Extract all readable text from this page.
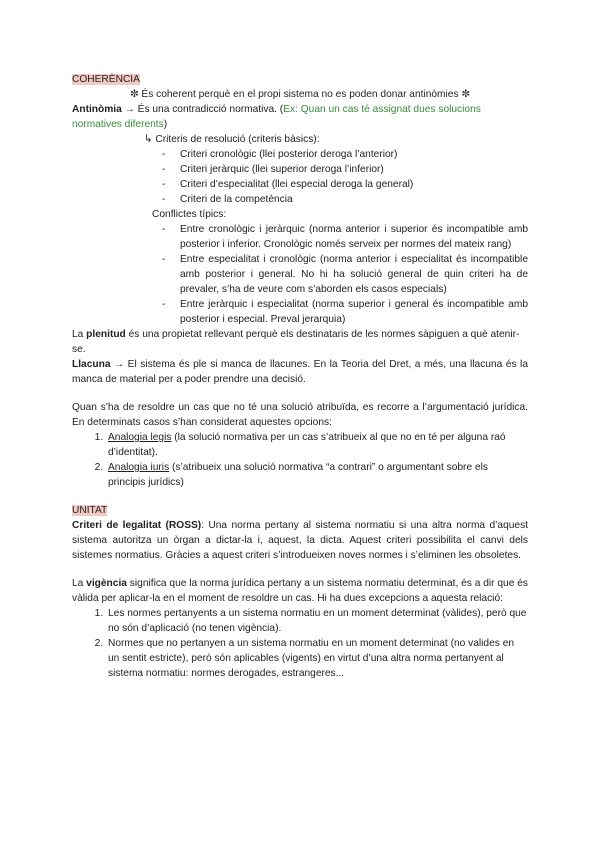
COHERÈNCIA

✼ És coherent perquè en el propi sistema no es poden donar antinòmies ✼

Antinòmia → És una contradicció normativa. (Ex: Quan un cas té assignat dues solucions normatives diferents)

↳ Criteris de resolució (criteris bàsics):

- Criteri cronològic (llei posterior deroga l’anterior)
- Criteri jeràrquic (llei superior deroga l’inferior)
- Criteri d’especialitat (llei especial deroga la general)
- Criteri de la competència

Conflictes típics:

- Entre cronològic i jeràrquic (norma anterior i superior és incompatible amb posterior i inferior. Cronològic només serveix per normes del mateix rang)
- Entre especialitat i cronològic (norma anterior i especialitat és incompatible amb posterior i general. No hi ha solució general de quin criteri ha de prevaler, s’ha de veure com s’aborden els casos especials)
- Entre jeràrquic i especialitat (norma superior i general és incompatible amb posterior i especial. Preval jerarquia)

La plenitud és una propietat rellevant perquè els destinataris de les normes sàpiguen a què atenir-se.

Llacuna → El sistema és ple si manca de llacunes. En la Teoria del Dret, a més, una llacuna és la manca de material per a poder prendre una decisió.

Quan s’ha de resoldre un cas que no té una solució atribuïda, es recorre a l’argumentació jurídica. En determinats casos s’han considerat aquestes opcions:

1. Analogia legis (la solució normativa per un cas s’atribueix al que no en té per alguna raó d’identitat).
2. Analogia iuris (s’atribueix una solució normativa “a contrari” o argumentant sobre els principis jurídics)

UNITAT

Criteri de legalitat (ROSS): Una norma pertany al sistema normatiu si una altra norma d’aquest sistema autoritza un òrgan a dictar-la i, aquest, la dicta. Aquest criteri possibilita el canvi dels sistemes normatius. Gràcies a aquest criteri s’introdueixen noves normes i s’eliminen les obsoletes.

La vigència significa que la norma jurídica pertany a un sistema normatiu determinat, és a dir que és vàlida per aplicar-la en el moment de resoldre un cas. Hi ha dues excepcions a aquesta relació:

1. Les normes pertanyents a un sistema normatiu en un moment determinat (vàlides), però que no són d’aplicació (no tenen vigència).
2. Normes que no pertanyen a un sistema normatiu en un moment determinat (no valides en un sentit estricte), però són aplicables (vigents) en virtut d’una altra norma pertanyent al sistema normatiu: normes derogades, estrangeres...
